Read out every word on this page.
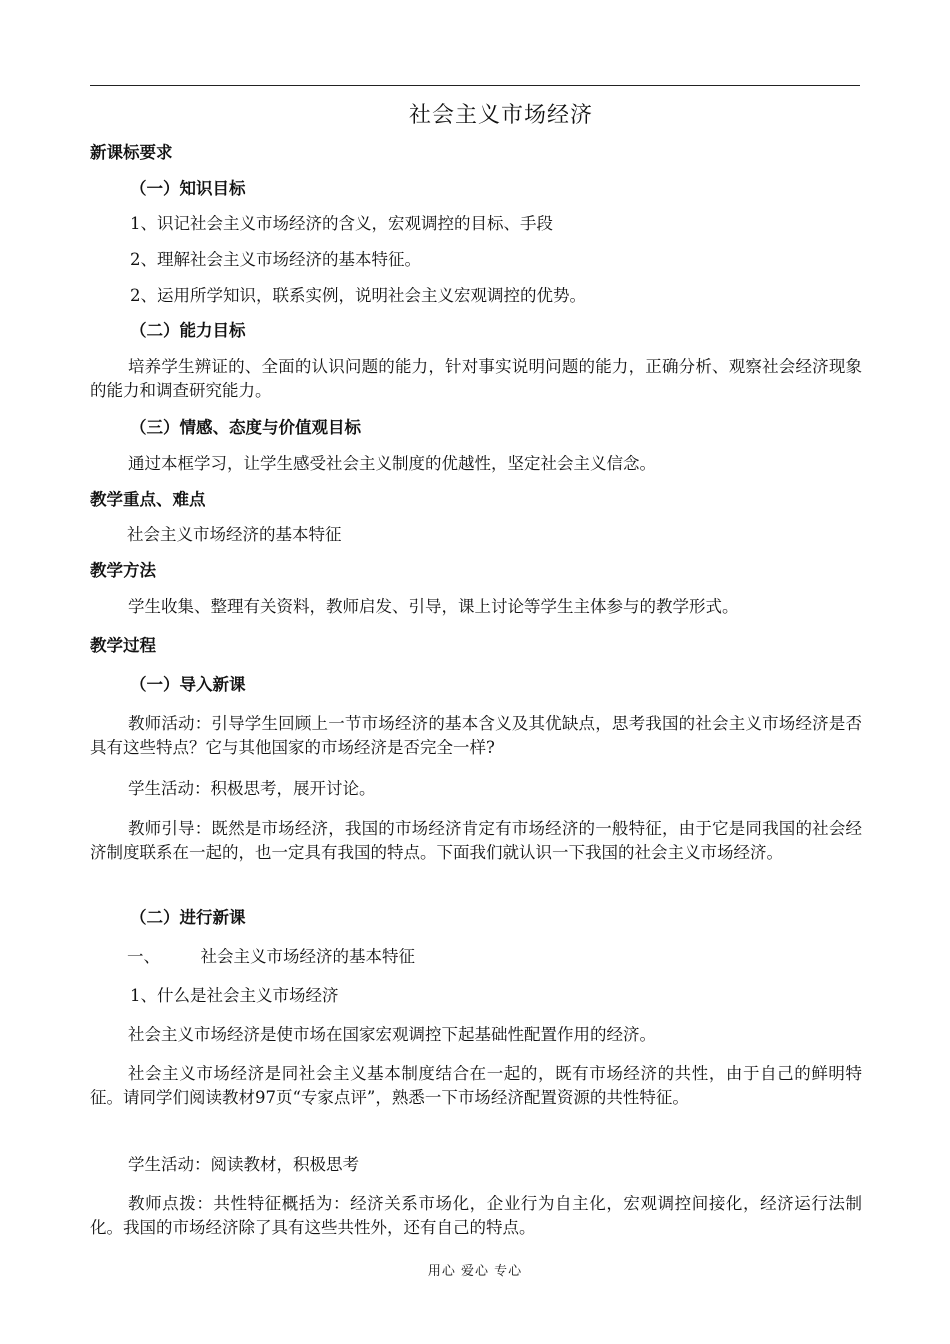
社会主义市场经济

新课标要求

（一）知识目标

1、识记社会主义市场经济的含义，宏观调控的目标、手段

2、理解社会主义市场经济的基本特征。

2、运用所学知识，联系实例，说明社会主义宏观调控的优势。

（二）能力目标

培养学生辨证的、全面的认识问题的能力，针对事实说明问题的能力，正确分析、观察社会经济现象的能力和调查研究能力。

（三）情感、态度与价值观目标

通过本框学习，让学生感受社会主义制度的优越性，坚定社会主义信念。

教学重点、难点

社会主义市场经济的基本特征

教学方法

学生收集、整理有关资料，教师启发、引导，课上讨论等学生主体参与的教学形式。

教学过程

（一）导入新课

教师活动：引导学生回顾上一节市场经济的基本含义及其优缺点，思考我国的社会主义市场经济是否具有这些特点？它与其他国家的市场经济是否完全一样?

学生活动：积极思考，展开讨论。

教师引导：既然是市场经济，我国的市场经济肯定有市场经济的一般特征，由于它是同我国的社会经济制度联系在一起的，也一定具有我国的特点。下面我们就认识一下我国的社会主义市场经济。

（二）进行新课

一、 社会主义市场经济的基本特征

1、什么是社会主义市场经济

社会主义市场经济是使市场在国家宏观调控下起基础性配置作用的经济。

社会主义市场经济是同社会主义基本制度结合在一起的，既有市场经济的共性，由于自己的鲜明特征。请同学们阅读教材97页“专家点评”，熟悉一下市场经济配置资源的共性特征。

学生活动：阅读教材，积极思考

教师点拨：共性特征概括为：经济关系市场化，企业行为自主化，宏观调控间接化，经济运行法制化。我国的市场经济除了具有这些共性外，还有自己的特点。

用心 爱心 专心
